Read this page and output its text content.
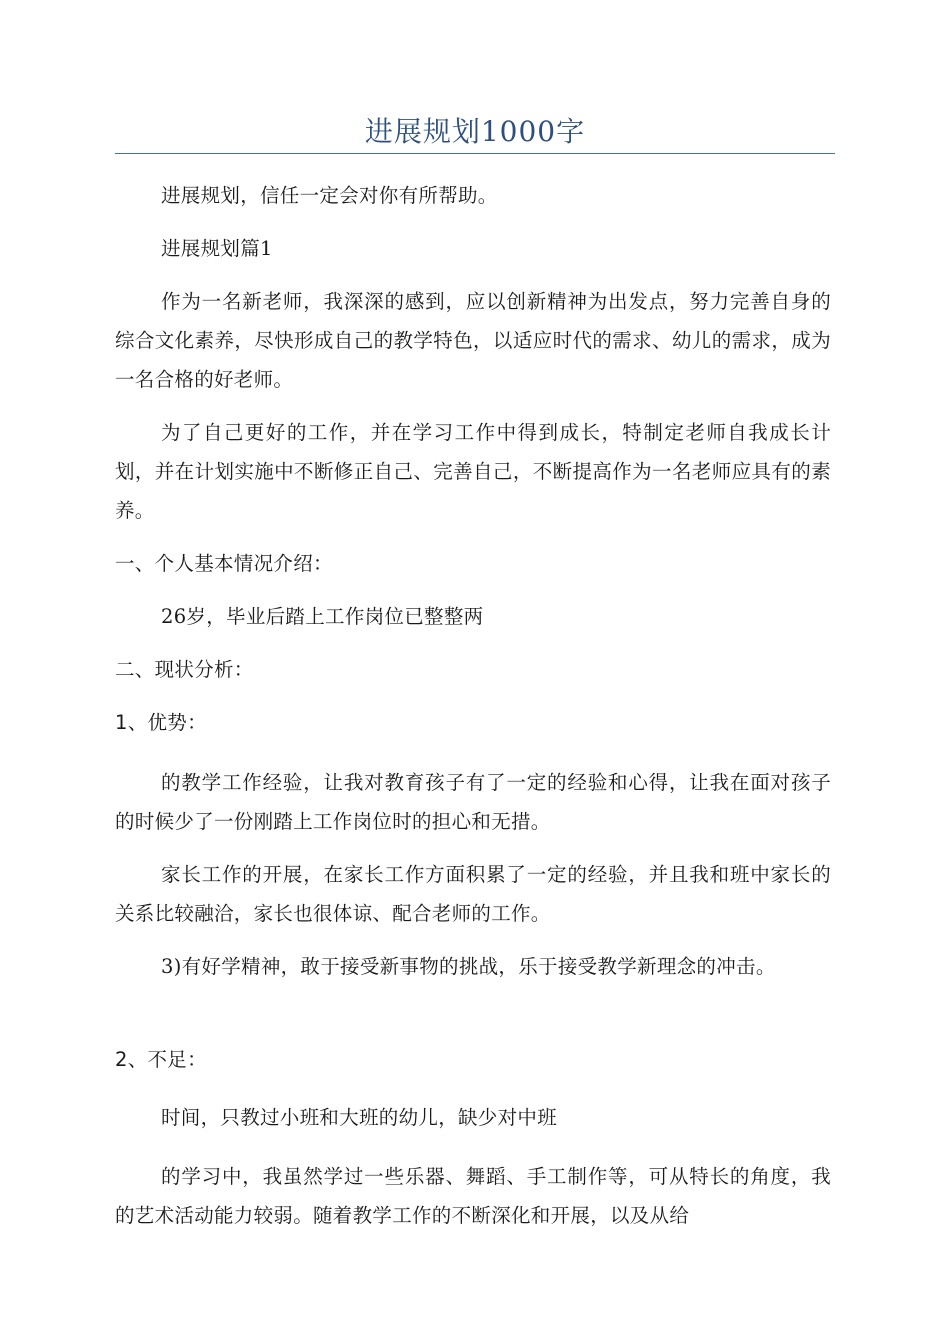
进展规划1000字

进展规划，信任一定会对你有所帮助。

进展规划篇1

作为一名新老师，我深深的感到，应以创新精神为出发点，努力完善自身的综合文化素养，尽快形成自己的教学特色，以适应时代的需求、幼儿的需求，成为一名合格的好老师。

为了自己更好的工作，并在学习工作中得到成长，特制定老师自我成长计划，并在计划实施中不断修正自己、完善自己，不断提高作为一名老师应具有的素养。

一、个人基本情况介绍：

26岁，毕业后踏上工作岗位已整整两

二、现状分析：

1、优势：

的教学工作经验，让我对教育孩子有了一定的经验和心得，让我在面对孩子的时候少了一份刚踏上工作岗位时的担心和无措。

家长工作的开展，在家长工作方面积累了一定的经验，并且我和班中家长的关系比较融洽，家长也很体谅、配合老师的工作。

3)有好学精神，敢于接受新事物的挑战，乐于接受教学新理念的冲击。

2、不足：

时间，只教过小班和大班的幼儿，缺少对中班

的学习中，我虽然学过一些乐器、舞蹈、手工制作等，可从特长的角度，我的艺术活动能力较弱。随着教学工作的不断深化和开展，以及从给
